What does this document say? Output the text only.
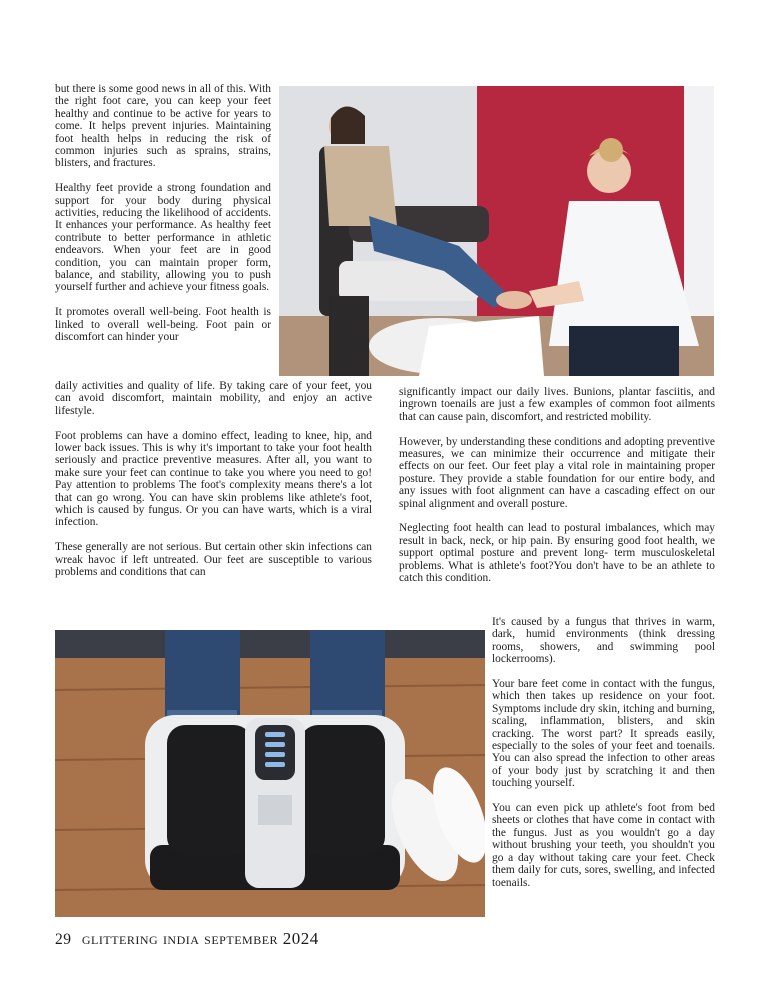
but there is some good news in all of this. With the right foot care, you can keep your feet healthy and continue to be active for years to come. It helps prevent injuries. Maintaining foot health helps in reducing the risk of common injuries such as sprains, strains, blisters, and fractures.

Healthy feet provide a strong foundation and support for your body during physical activities, reducing the likelihood of accidents. It enhances your performance. As healthy feet contribute to better performance in athletic endeavors. When your feet are in good condition, you can maintain proper form, balance, and stability, allowing you to push yourself further and achieve your fitness goals.

It promotes overall well-being. Foot health is linked to overall well-being. Foot pain or discomfort can hinder your

daily activities and quality of life. By taking care of your feet, you can avoid discomfort, maintain mobility, and enjoy an active lifestyle.

Foot problems can have a domino effect, leading to knee, hip, and lower back issues. This is why it's important to take your foot health seriously and practice preventive measures. After all, you want to make sure your feet can continue to take you where you need to go! Pay attention to problems The foot's complexity means there's a lot that can go wrong. You can have skin problems like athlete's foot, which is caused by fungus. Or you can have warts, which is a viral infection.

These generally are not serious. But certain other skin infections can wreak havoc if left untreated. Our feet are susceptible to various problems and conditions that can

significantly impact our daily lives. Bunions, plantar fasciitis, and ingrown toenails are just a few examples of common foot ailments that can cause pain, discomfort, and restricted mobility.

However, by understanding these conditions and adopting preventive measures, we can minimize their occurrence and mitigate their effects on our feet. Our feet play a vital role in maintaining proper posture. They provide a stable foundation for our entire body, and any issues with foot alignment can have a cascading effect on our spinal alignment and overall posture.

Neglecting foot health can lead to postural imbalances, which may result in back, neck, or hip pain. By ensuring good foot health, we support optimal posture and prevent long- term musculoskeletal problems. What is athlete's foot?You don't have to be an athlete to catch this condition.

It's caused by a fungus that thrives in warm, dark, humid environments (think dressing rooms, showers, and swimming pool lockerrooms).

Your bare feet come in contact with the fungus, which then takes up residence on your foot. Symptoms include dry skin, itching and burning, scaling, inflammation, blisters, and skin cracking. The worst part? It spreads easily, especially to the soles of your feet and toenails. You can also spread the infection to other areas of your body just by scratching it and then touching yourself.

You can even pick up athlete's foot from bed sheets or clothes that have come in contact with the fungus. Just as you wouldn't go a day without brushing your teeth, you shouldn't you go a day without taking care your feet. Check them daily for cuts, sores, swelling, and infected toenails.

29 glittering india september 2024
